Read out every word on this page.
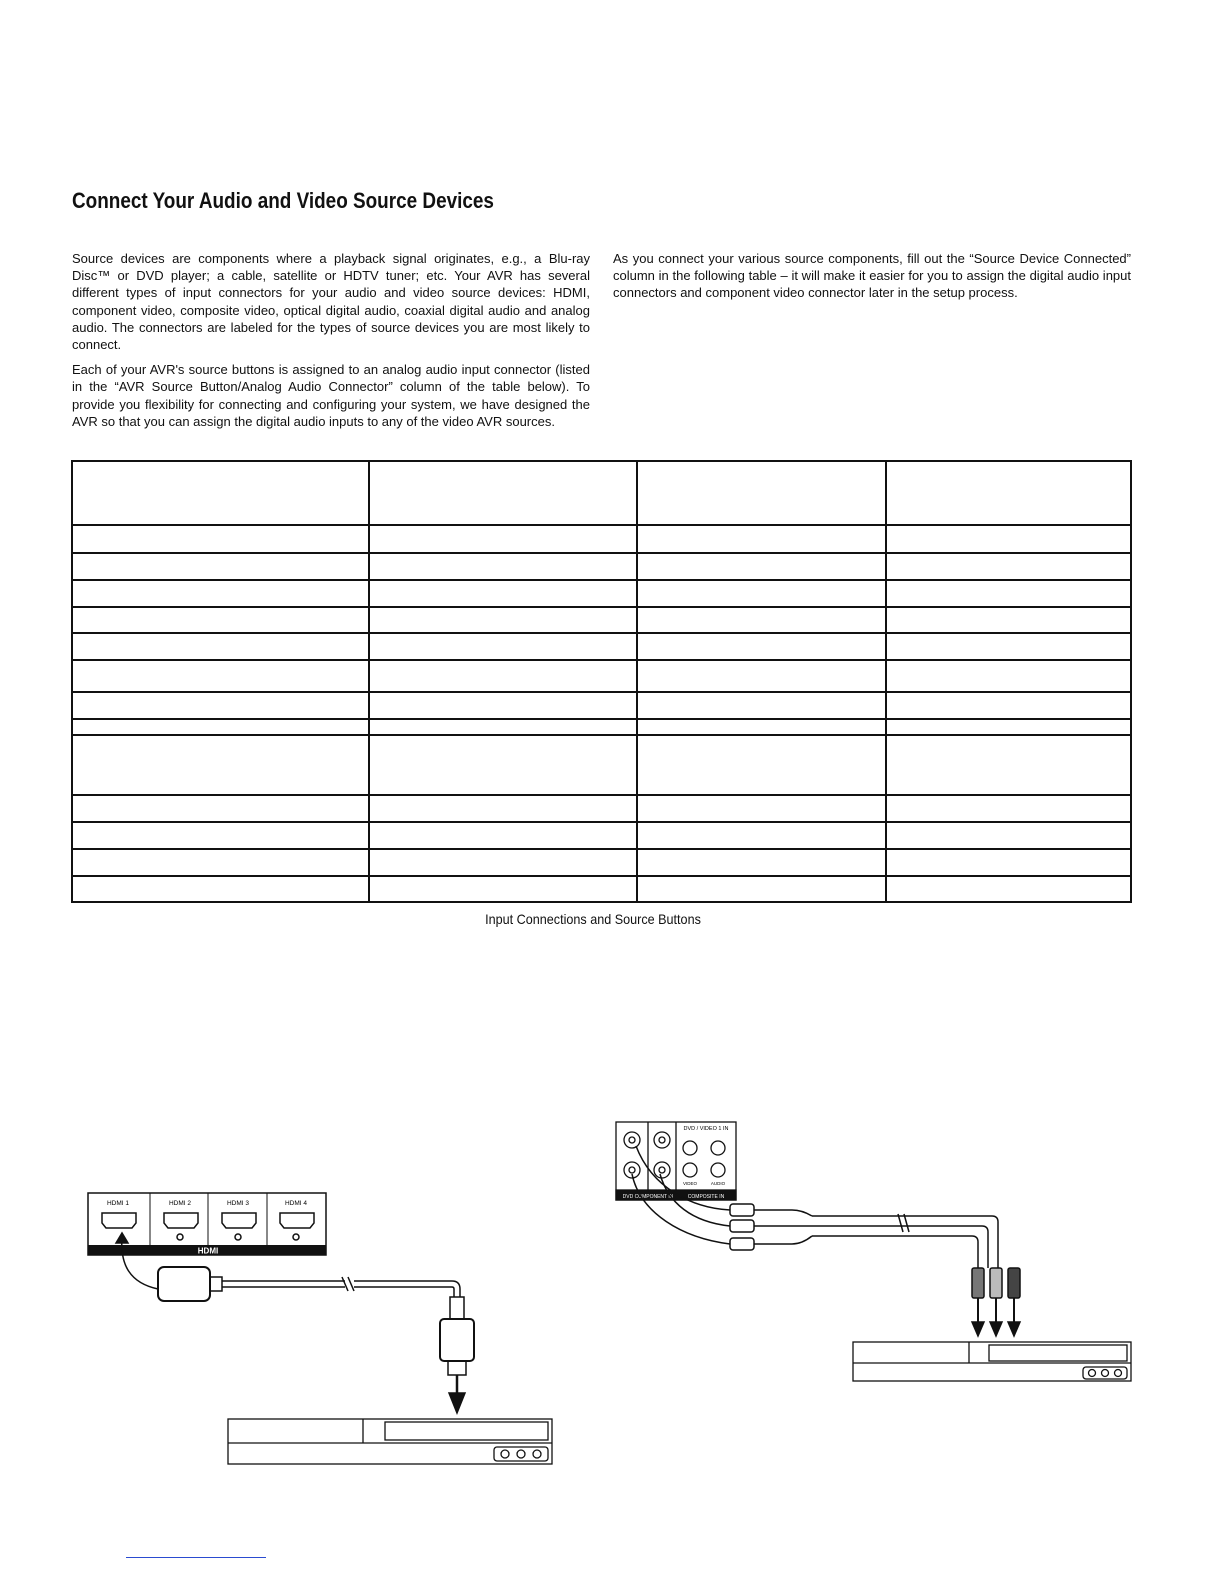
Connect Your Audio and Video Source Devices

Source devices are components where a playback signal originates, e.g., a Blu-ray Disc™ or DVD player; a cable, satellite or HDTV tuner; etc. Your AVR has several different types of input connectors for your audio and video source devices: HDMI, component video, composite video, optical digital audio, coaxial digital audio and analog audio. The connectors are labeled for the types of source devices you are most likely to connect.

Each of your AVR's source buttons is assigned to an analog audio input connector (listed in the “AVR Source Button/Analog Audio Connector” column of the table below). To provide you flexibility for connecting and configuring your system, we have designed the AVR so that you can assign the digital audio inputs to any of the video AVR sources.

As you connect your various source components, fill out the “Source Device Connected” column in the following table – it will make it easier for you to assign the digital audio input connectors and component video connector later in the setup process.

Input Connections and Source Buttons
HDMI
HDMI 1	HDMI 2	HDMI 3	HDMI 4
DVD / VIDEO 1 IN
DVD COMPONENT IN	COMPOSITE IN
VIDEO	AUDIO
